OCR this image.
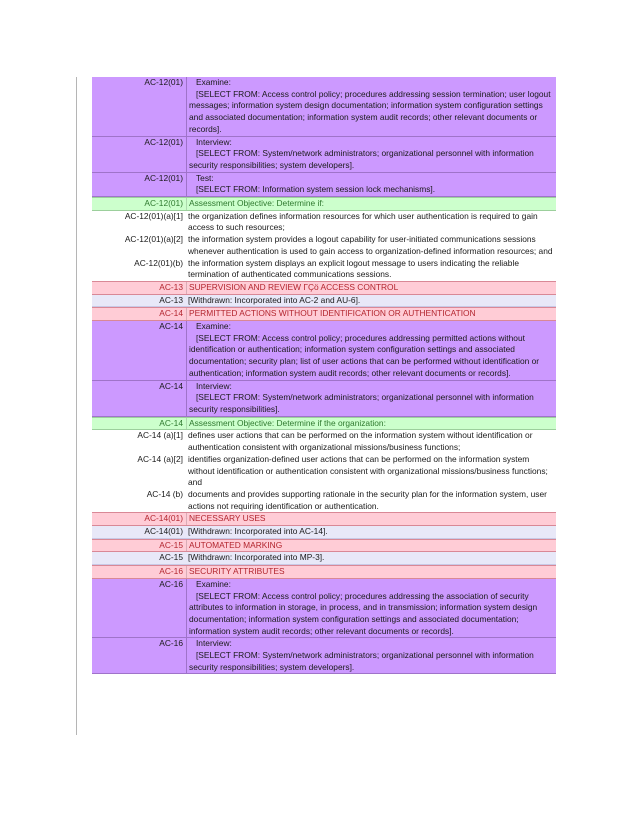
AC-12(01)	Examine:
[SELECT FROM: Access control policy; procedures addressing session termination; user logout messages; information system design documentation; information system configuration settings and associated documentation; information system audit records; other relevant documents or records].
AC-12(01)	Interview:
[SELECT FROM: System/network administrators; organizational personnel with information security responsibilities; system developers].
AC-12(01)	Test:
[SELECT FROM: Information system session lock mechanisms].
AC-12(01) Assessment Objective: Determine if:
AC-12(01)(a)[1] the organization defines information resources for which user authentication is required to gain access to such resources;
AC-12(01)(a)[2] the information system provides a logout capability for user-initiated communications sessions whenever authentication is used to gain access to organization-defined information resources; and
AC-12(01)(b) the information system displays an explicit logout message to users indicating the reliable termination of authenticated communications sessions.
AC-13 SUPERVISION AND REVIEW ΓÇö ACCESS CONTROL
AC-13 [Withdrawn: Incorporated into AC-2 and AU-6].
AC-14 PERMITTED ACTIONS WITHOUT IDENTIFICATION OR AUTHENTICATION
AC-14	Examine:
[SELECT FROM: Access control policy; procedures addressing permitted actions without identification or authentication; information system configuration settings and associated documentation; security plan; list of user actions that can be performed without identification or authentication; information system audit records; other relevant documents or records].
AC-14	Interview:
[SELECT FROM: System/network administrators; organizational personnel with information security responsibilities].
AC-14 Assessment Objective: Determine if the organization:
AC-14 (a)[1] defines user actions that can be performed on the information system without identification or authentication consistent with organizational missions/business functions;
AC-14 (a)[2] identifies organization-defined user actions that can be performed on the information system without identification or authentication consistent with organizational missions/business functions; and
AC-14 (b) documents and provides supporting rationale in the security plan for the information system, user actions not requiring identification or authentication.
AC-14(01) NECESSARY USES
AC-14(01) [Withdrawn: Incorporated into AC-14].
AC-15 AUTOMATED MARKING
AC-15 [Withdrawn: Incorporated into MP-3].
AC-16 SECURITY ATTRIBUTES
AC-16	Examine:
[SELECT FROM: Access control policy; procedures addressing the association of security attributes to information in storage, in process, and in transmission; information system design documentation; information system configuration settings and associated documentation; information system audit records; other relevant documents or records].
AC-16	Interview:
[SELECT FROM: System/network administrators; organizational personnel with information security responsibilities; system developers].
